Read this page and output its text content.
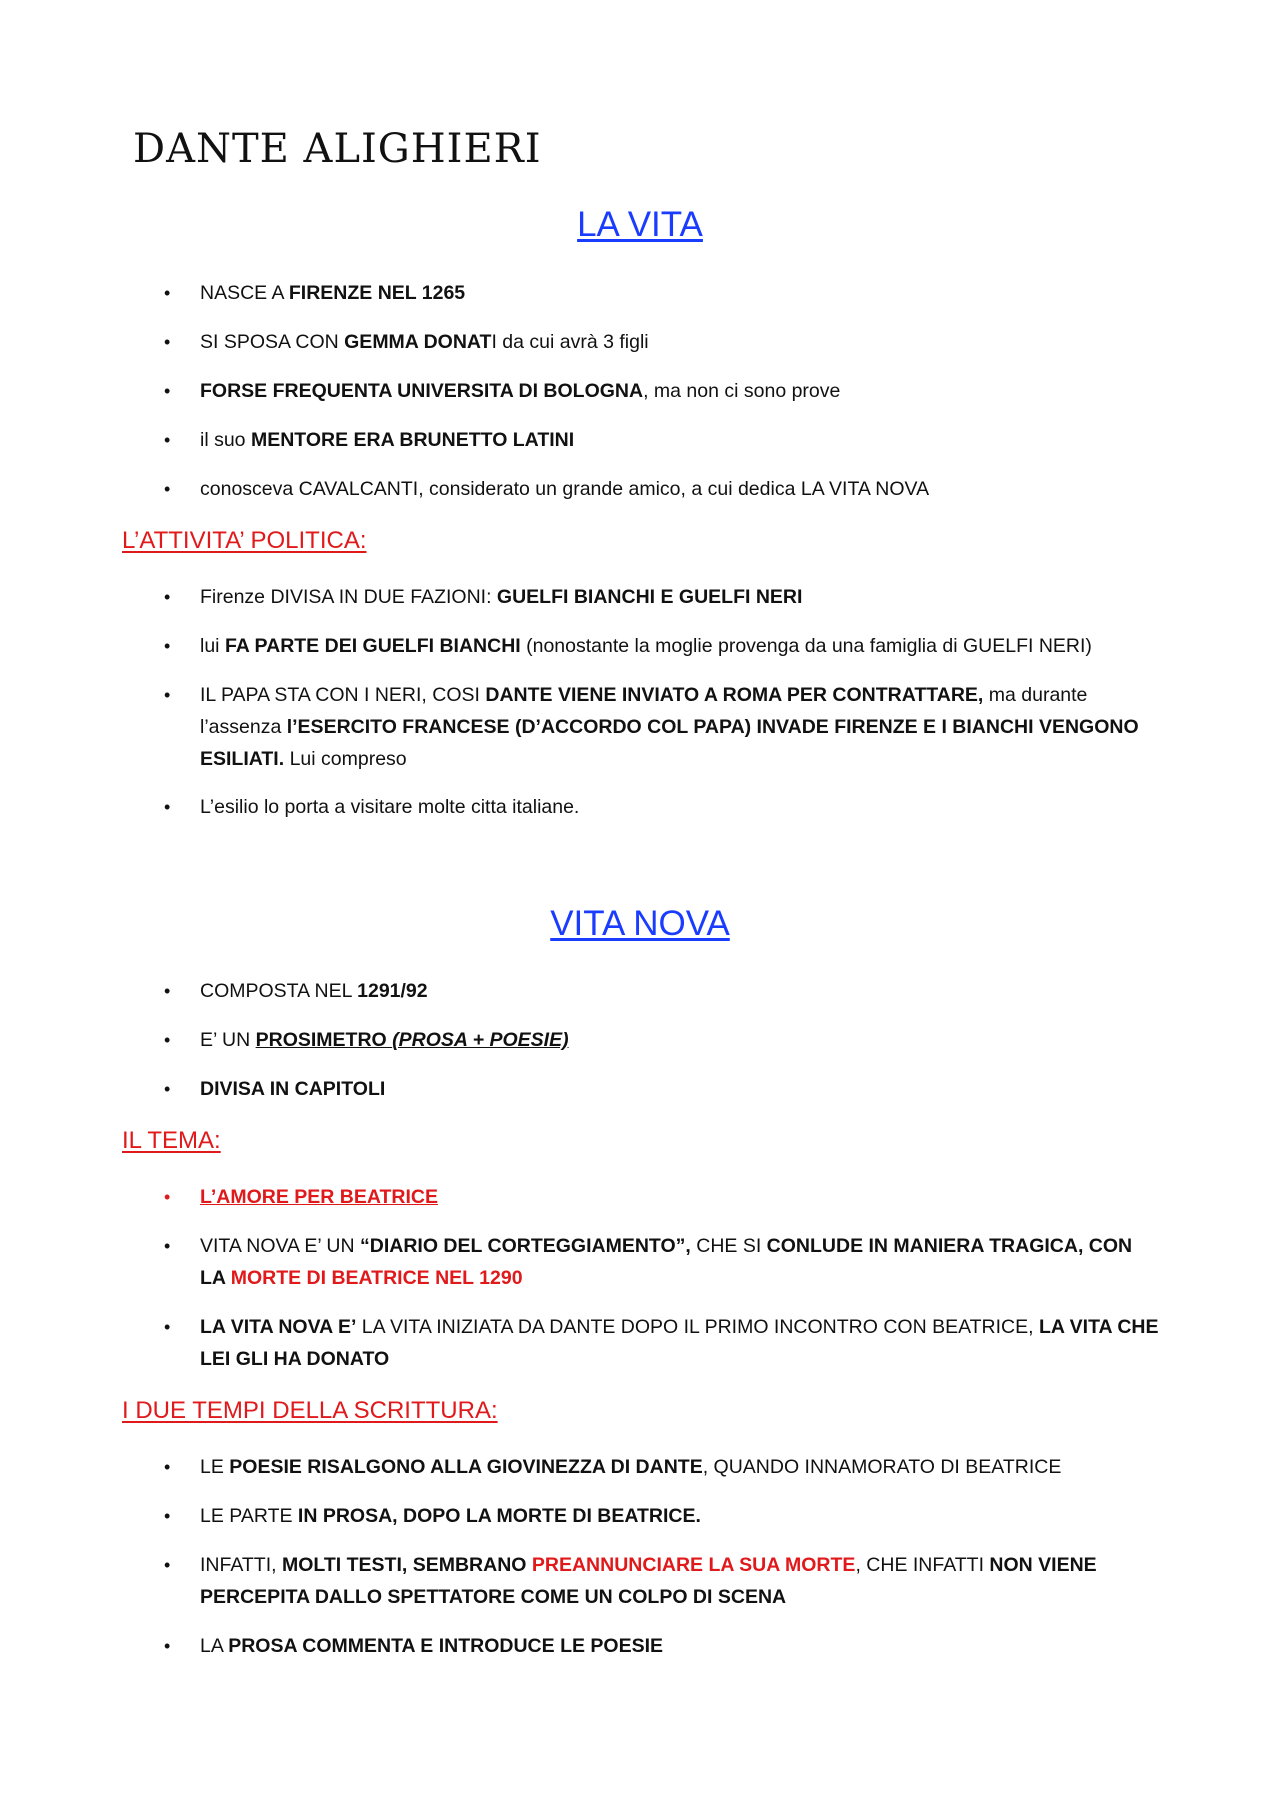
DANTE ALIGHIERI
LA VITA
• NASCE A FIRENZE NEL 1265
• SI SPOSA CON GEMMA DONATI da cui avrà 3 figli
• FORSE FREQUENTA UNIVERSITA DI BOLOGNA, ma non ci sono prove
• il suo MENTORE ERA BRUNETTO LATINI
• conosceva CAVALCANTI, considerato un grande amico, a cui dedica LA VITA NOVA
L’ATTIVITA’ POLITICA:
• Firenze DIVISA IN DUE FAZIONI: GUELFI BIANCHI E GUELFI NERI
• lui FA PARTE DEI GUELFI BIANCHI (nonostante la moglie provenga da una famiglia di GUELFI NERI)
• IL PAPA STA CON I NERI, COSI DANTE VIENE INVIATO A ROMA PER CONTRATTARE, ma durante l’assenza l’ESERCITO FRANCESE (D’ACCORDO COL PAPA) INVADE FIRENZE E I BIANCHI VENGONO ESILIATI. Lui compreso
• L’esilio lo porta a visitare molte citta italiane.
VITA NOVA
• COMPOSTA NEL 1291/92
• E’ UN PROSIMETRO (PROSA + POESIE)
• DIVISA IN CAPITOLI
IL TEMA:
• L’AMORE PER BEATRICE
• VITA NOVA E’ UN “DIARIO DEL CORTEGGIAMENTO”, CHE SI CONLUDE IN MANIERA TRAGICA, CON LA MORTE DI BEATRICE NEL 1290
• LA VITA NOVA E’ LA VITA INIZIATA DA DANTE DOPO IL PRIMO INCONTRO CON BEATRICE, LA VITA CHE LEI GLI HA DONATO
I DUE TEMPI DELLA SCRITTURA:
• LE POESIE RISALGONO ALLA GIOVINEZZA DI DANTE, QUANDO INNAMORATO DI BEATRICE
• LE PARTE IN PROSA, DOPO LA MORTE DI BEATRICE.
• INFATTI, MOLTI TESTI, SEMBRANO PREANNUNCIARE LA SUA MORTE, CHE INFATTI NON VIENE PERCEPITA DALLO SPETTATORE COME UN COLPO DI SCENA
• LA PROSA COMMENTA E INTRODUCE LE POESIE
